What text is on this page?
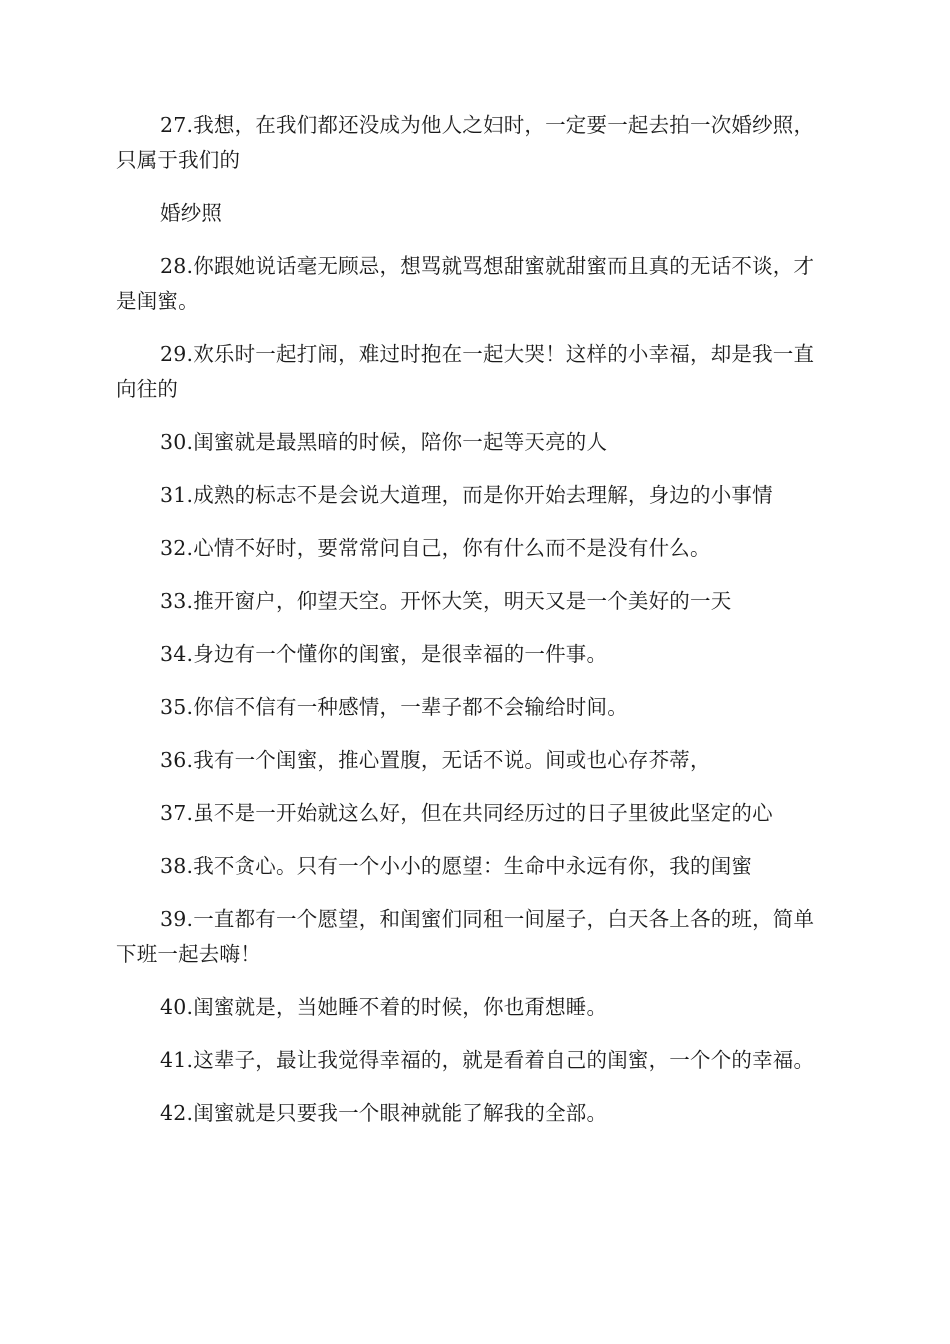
27.我想，在我们都还没成为他人之妇时，一定要一起去拍一次婚纱照，只属于我们的

婚纱照

28.你跟她说话毫无顾忌，想骂就骂想甜蜜就甜蜜而且真的无话不谈，才是闺蜜。

29.欢乐时一起打闹，难过时抱在一起大哭！这样的小幸福，却是我一直向往的

30.闺蜜就是最黑暗的时候，陪你一起等天亮的人

31.成熟的标志不是会说大道理，而是你开始去理解，身边的小事情

32.心情不好时，要常常问自己，你有什么而不是没有什么。

33.推开窗户，仰望天空。开怀大笑，明天又是一个美好的一天

34.身边有一个懂你的闺蜜，是很幸福的一件事。

35.你信不信有一种感情，一辈子都不会输给时间。

36.我有一个闺蜜，推心置腹，无话不说。间或也心存芥蒂，

37.虽不是一开始就这么好，但在共同经历过的日子里彼此坚定的心

38.我不贪心。只有一个小小的愿望：生命中永远有你，我的闺蜜

39.一直都有一个愿望，和闺蜜们同租一间屋子，白天各上各的班，简单下班一起去嗨！

40.闺蜜就是，当她睡不着的时候，你也甭想睡。

41.这辈子，最让我觉得幸福的，就是看着自己的闺蜜，一个个的幸福。

42.闺蜜就是只要我一个眼神就能了解我的全部。
